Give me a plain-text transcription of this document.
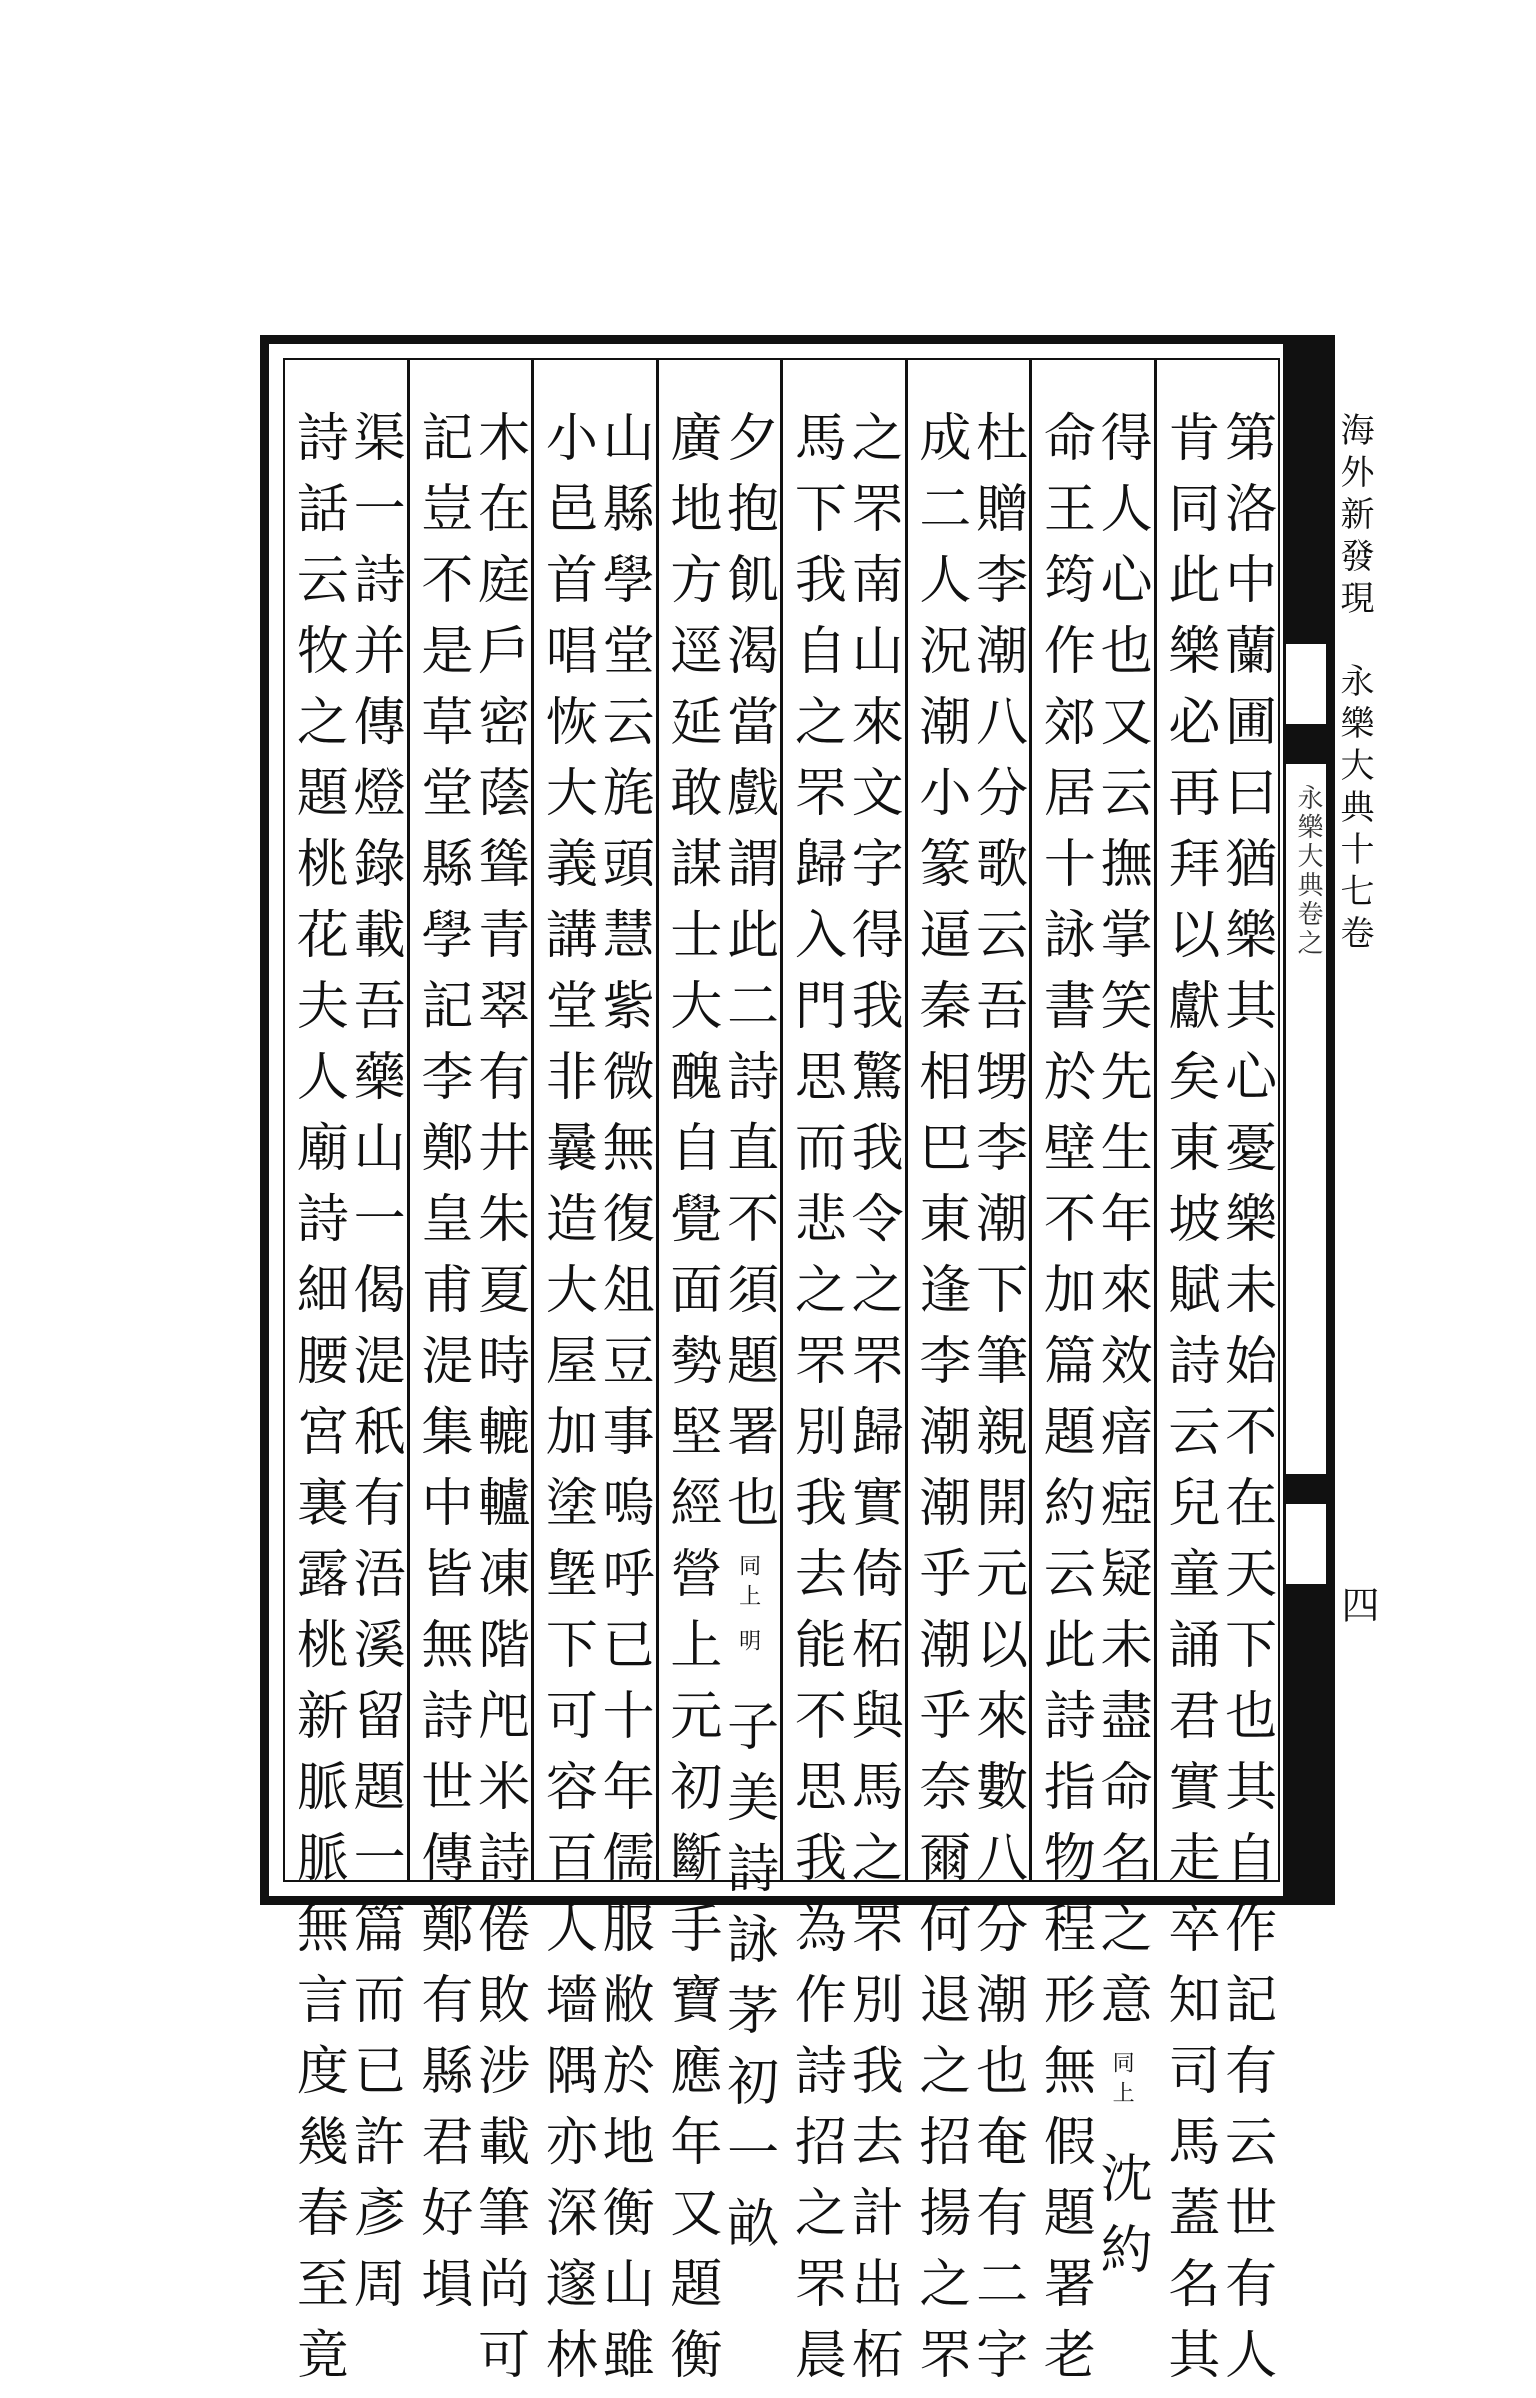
第洛中蘭圃曰猶樂其心憂樂未始不在天下也其自作記有云世有人
肯同此樂必再拜以獻矣東坡賦詩云兒童誦君實走卒知司馬蓋名其
得人心也又云撫掌笑先生年來效瘖瘂疑未盡命名之意同上沈約
命王筠作郊居十詠書於壁不加篇題約云此詩指物程形無假題署老
杜贈李潮八分歌云吾甥李潮下筆親開元以來數八分潮也奄有二字
成二人況潮小篆逼秦相巴東逢李潮潮乎潮乎奈爾何退之招揚之罘
之罘南山來文字得我驚我令之罘歸實倚柘與馬之罘別我去計出柘
馬下我自之罘歸入門思而悲之罘別我去能不思我為作詩招之罘晨
夕抱飢渴當戲謂此二詩直不須題署也同上 明子美詩詠茅初一畝
廣地方逕延敢謀士大醜自覺面勢堅經營上元初斷手寶應年又題衡
山縣學堂云旄頭慧紫微無復俎豆事嗚呼已十年儒服敝於地衡山雖
小邑首唱恢大義講堂非曩造大屋加塗墍下可容百人墻隅亦深邃林
木在庭戶密蔭聳青翠有井朱夏時轆轤凍階戺米詩倦敗涉載筆尚可
記豈不是草堂縣學記李鄭皇甫湜集中皆無詩世傳鄭有縣君好塤
渠一詩并傳燈錄載吾藥山一偈湜秖有浯溪留題一篇而已許彥周
詩話云牧之題桃花夫人廟詩細腰宮裏露桃新脈脈無言度幾春至竟	永樂大典卷之
海外新發現
永樂大典十七卷
四
